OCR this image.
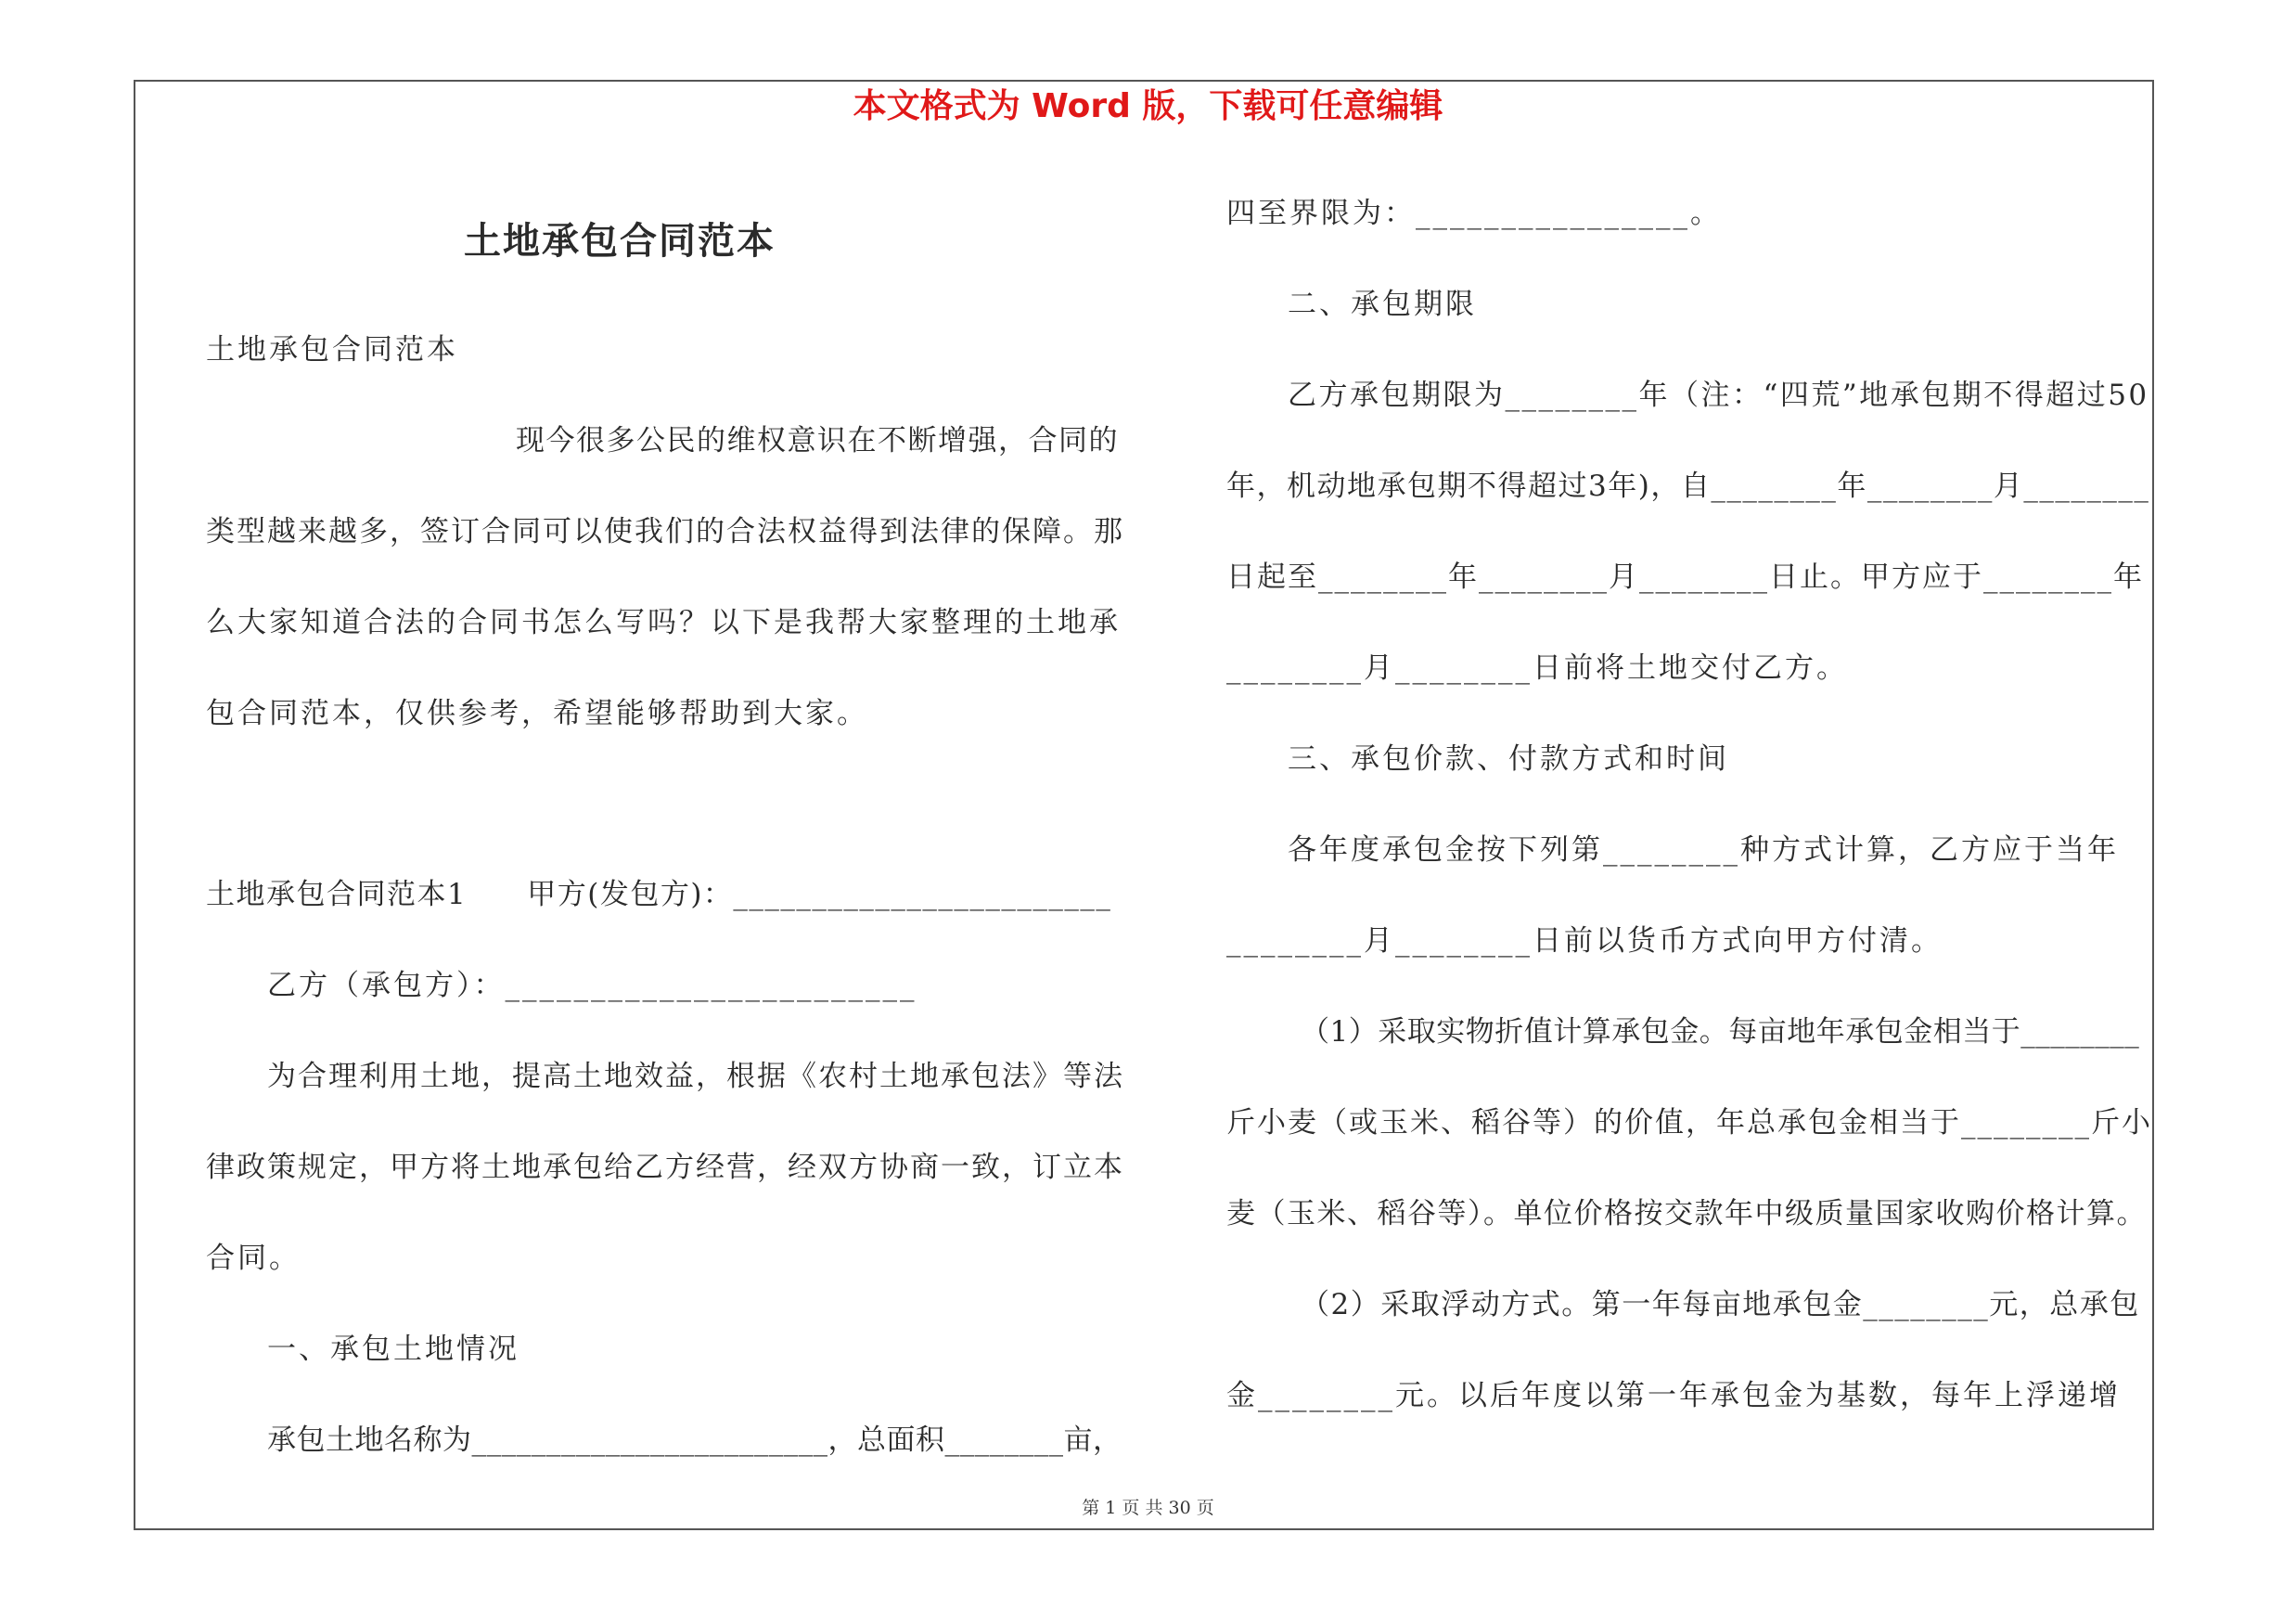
本文格式为 Word 版，下载可任意编辑
土地承包合同范本
土地承包合同范本
现今很多公民的维权意识在不断增强，合同的
类型越来越多，签订合同可以使我们的合法权益得到法律的保障。那
么大家知道合法的合同书怎么写吗？以下是我帮大家整理的土地承
包合同范本，仅供参考，希望能够帮助到大家。
土地承包合同范本1　　甲方(发包方)：________________________
乙方（承包方）：________________________
为合理利用土地，提高土地效益，根据《农村土地承包法》等法
律政策规定，甲方将土地承包给乙方经营，经双方协商一致，订立本
合同。
一、承包土地情况
承包土地名称为________________________，总面积________亩，
四至界限为：________________。
二、承包期限
乙方承包期限为________年（注：“四荒”地承包期不得超过50
年，机动地承包期不得超过3年)，自________年________月________
日起至________年________月________日止。甲方应于________年
________月________日前将土地交付乙方。
三、承包价款、付款方式和时间
各年度承包金按下列第________种方式计算，乙方应于当年
________月________日前以货币方式向甲方付清。
（1）采取实物折值计算承包金。每亩地年承包金相当于________
斤小麦（或玉米、稻谷等）的价值，年总承包金相当于________斤小
麦（玉米、稻谷等）。单位价格按交款年中级质量国家收购价格计算。
（2）采取浮动方式。第一年每亩地承包金________元，总承包
金________元。以后年度以第一年承包金为基数，每年上浮递增
第 1 页 共 30 页
